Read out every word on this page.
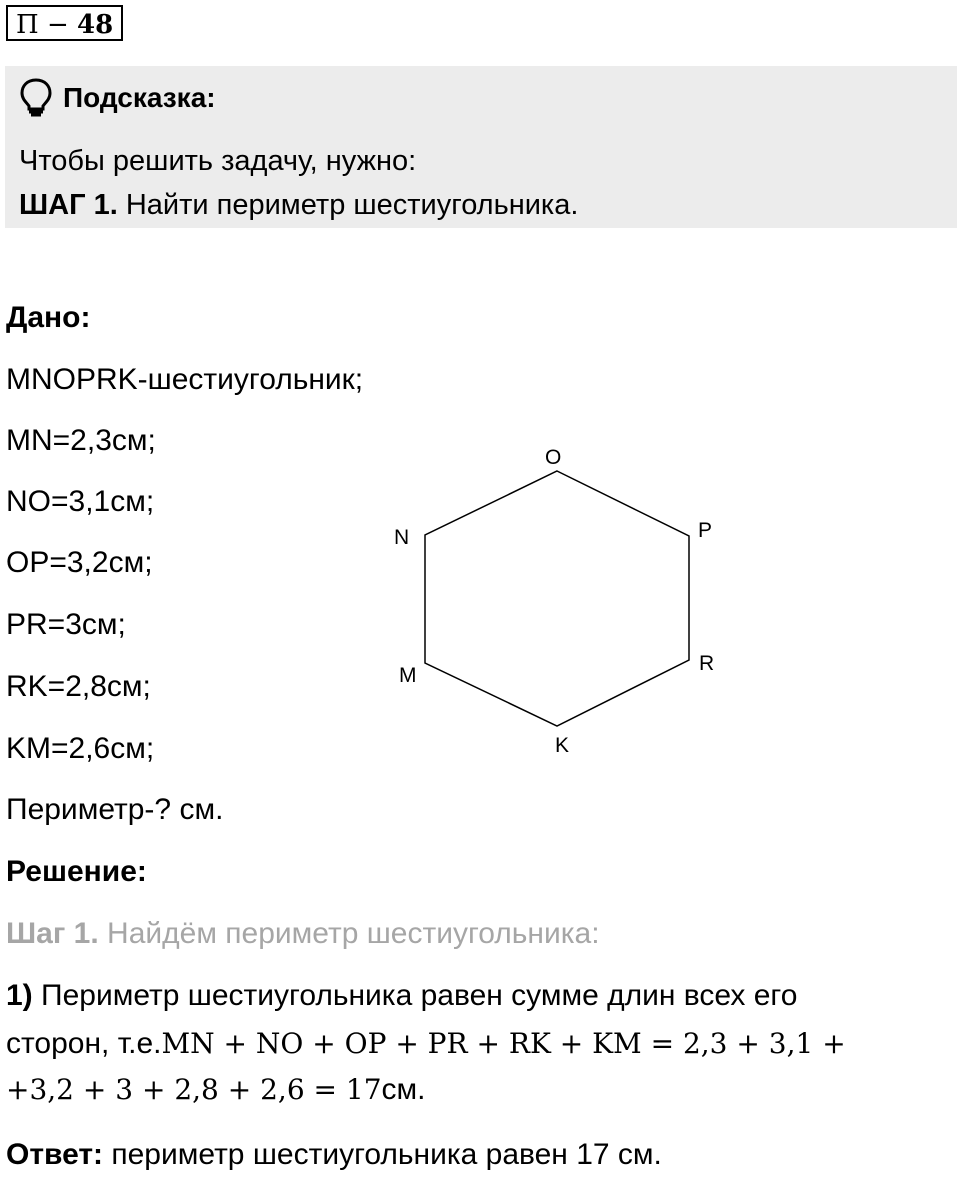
П − 48
Подсказка:
Чтобы решить задачу, нужно:
ШАГ 1. Найти периметр шестиугольника.
Дано:
MNOPRK-шестиугольник;
MN=2,3см;
NO=3,1см;
OP=3,2см;
PR=3см;
RK=2,8см;
KM=2,6см;
Периметр-? см.
O
N	P
M
R
K
Решение:
Шаг 1. Найдём периметр шестиугольника:
1) Периметр шестиугольника равен сумме длин всех его
сторон, т.е.MN + NO + OP + PR + RK + KM = 2,3 + 3,1 +
+3,2 + 3 + 2,8 + 2,6 = 17см.
Ответ: периметр шестиугольника равен 17 см.
